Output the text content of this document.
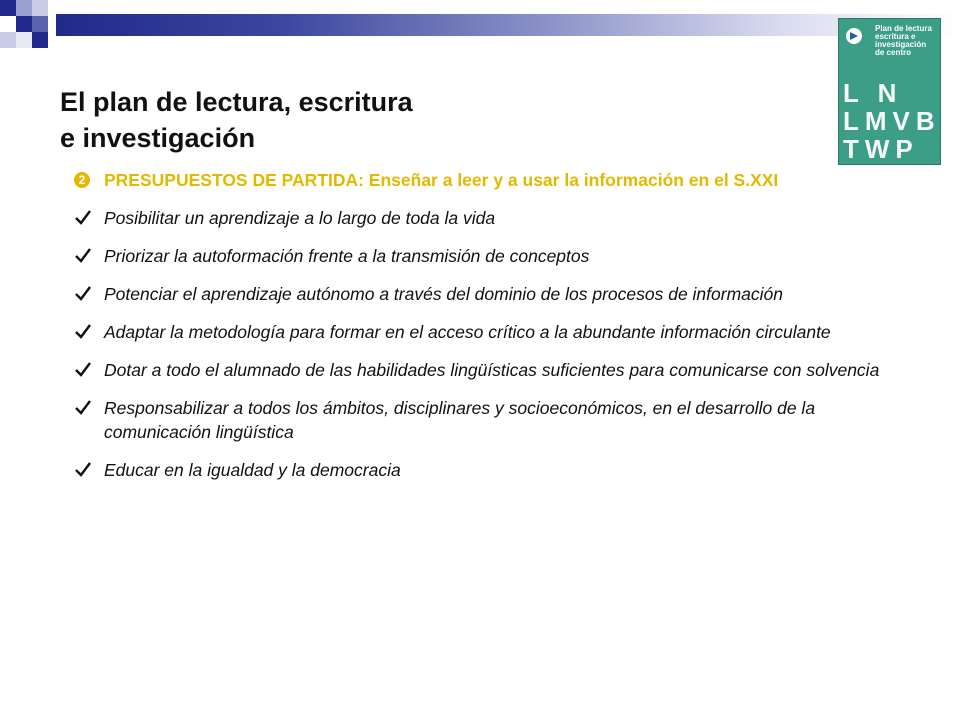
El plan de lectura, escritura
e investigación
Plan de lectura
escritura e
investigación
de centro
L N
LMVB
TWP
HUX
2 PRESUPUESTOS DE PARTIDA: Enseñar a leer y a usar la información en el S.XXI
Posibilitar un aprendizaje a lo largo de toda la vida
Priorizar la autoformación frente a la transmisión de conceptos
Potenciar el aprendizaje autónomo a través del dominio de los procesos de información
Adaptar la metodología para formar en el acceso crítico a la abundante información circulante
Dotar a todo el alumnado de las habilidades lingüísticas suficientes para comunicarse con solvencia
Responsabilizar a todos los ámbitos, disciplinares y socioeconómicos, en el desarrollo de la comunicación lingüística
Educar en la igualdad y la democracia
